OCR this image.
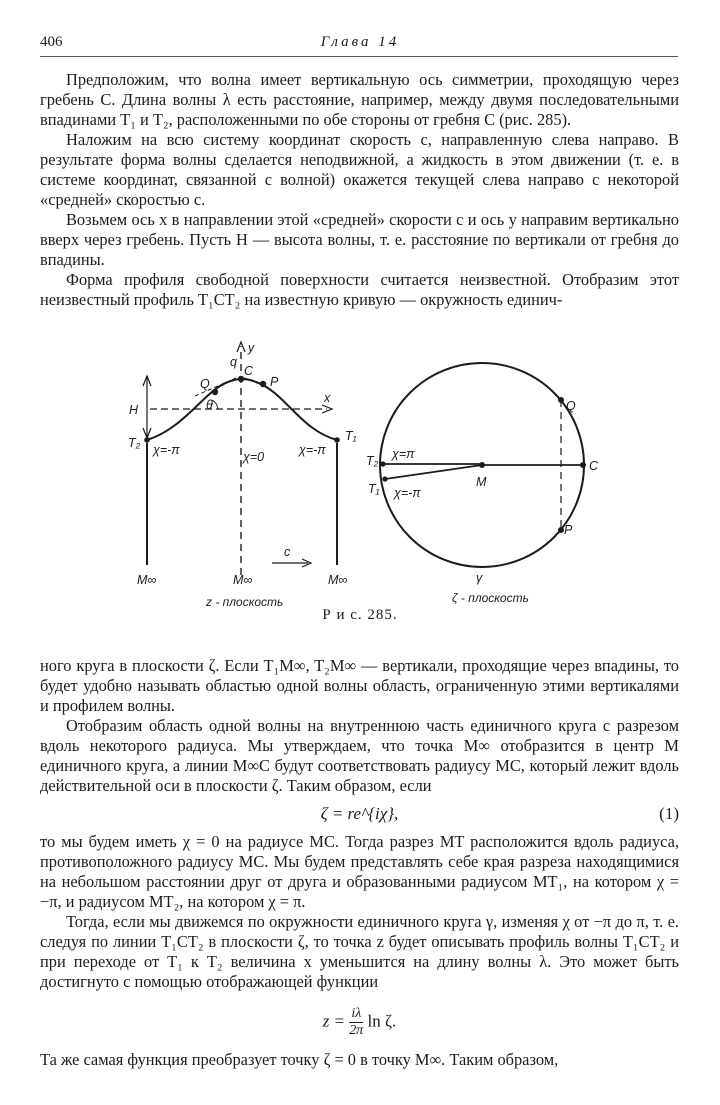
406	Глава 14

Предположим, что волна имеет вертикальную ось симметрии, проходящую через гребень C. Длина волны λ есть расстояние, например, между двумя последовательными впадинами T₁ и T₂, расположенными по обе стороны от гребня C (рис. 285).

Наложим на всю систему координат скорость c, направленную слева направо. В результате форма волны сделается неподвижной, а жидкость в этом движении (т. е. в системе координат, связанной с волной) окажется текущей слева направо с некоторой «средней» скоростью c.

Возьмем ось x в направлении этой «средней» скорости c и ось y направим вертикально вверх через гребень. Пусть H — высота волны, т. е. расстояние по вертикали от гребня до впадины.

Форма профиля свободной поверхности считается неизвестной. Отобразим этот неизвестный профиль T₁CT₂ на известную кривую — окружность единич-

y
x
q
C
Q	P
θ
H
T₂	T₁
χ=-π	χ=0	χ=-π
M∞	M∞	M∞
c
z - плоскость
T₂
T₁
χ=π
χ=-π
M
C
Q
P
γ
ζ - плоскость
Р и с. 285.

ного круга в плоскости ζ. Если T₁M∞, T₂M∞ — вертикали, проходящие через впадины, то будет удобно называть областью одной волны область, ограниченную этими вертикалями и профилем волны.

Отобразим область одной волны на внутреннюю часть единичного круга с разрезом вдоль некоторого радиуса. Мы утверждаем, что точка M∞ отобразится в центр M единичного круга, а линии M∞C будут соответствовать радиусу MC, который лежит вдоль действительной оси в плоскости ζ. Таким образом, если

ζ = re^{iχ},	(1)

то мы будем иметь χ = 0 на радиусе MC. Тогда разрез MT расположится вдоль радиуса, противоположного радиусу MC. Мы будем представлять себе края разреза находящимися на небольшом расстоянии друг от друга и образованными радиусом MT₁, на котором χ = −π, и радиусом MT₂, на котором χ = π.

Тогда, если мы движемся по окружности единичного круга γ, изменяя χ от −π до π, т. е. следуя по линии T₁CT₂ в плоскости ζ, то точка z будет описывать профиль волны T₁CT₂ и при переходе от T₁ к T₂ величина x уменьшится на длину волны λ. Это может быть достигнуто с помощью отображающей функции

$z = \frac{i\lambda}{2\pi}$ ln ζ.

Та же самая функция преобразует точку ζ = 0 в точку M∞. Таким образом,
